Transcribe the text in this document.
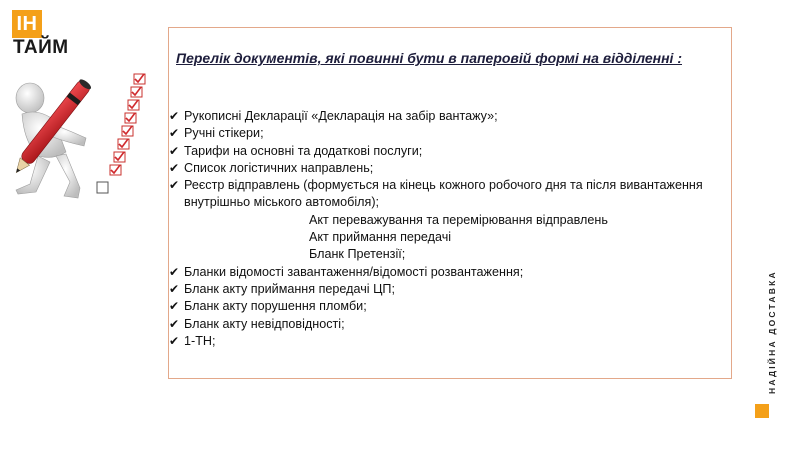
ІН
ТАЙМ	Перелік документів, які повинні бути в паперовій формі на відділенні :

✔ Рукописні Декларації «Декларація на забір вантажу»;
✔ Ручні стікери;
✔ Тарифи на основні та додаткові послуги;
✔ Список логістичних направлень;
✔ Реєстр відправлень (формується на кінець кожного робочого дня та після вивантаження внутрішньо міського автомобіля);
Акт переважування та перемірювання відправлень
Акт приймання передачі
Бланк Претензії;
✔ Бланки відомості завантаження/відомості розвантаження;
✔ Бланк акту приймання передачі ЦП;
✔ Бланк акту порушення пломби;
✔ Бланк акту невідповідності;
✔ 1-ТН;	НАДІЙНА ДОСТАВКА
